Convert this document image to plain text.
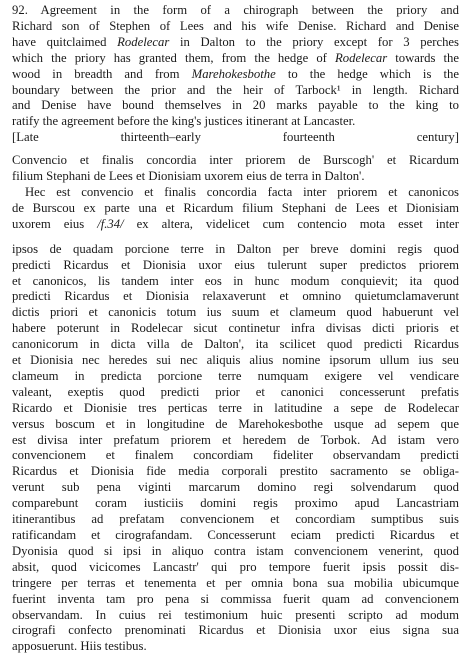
92. Agreement in the form of a chirograph between the priory and

Richard son of Stephen of Lees and his wife Denise. Richard and Denise

have quitclaimed Rodelecar in Dalton to the priory except for 3 perches

which the priory has granted them, from the hedge of Rodelecar towards the

wood in breadth and from Marehokesbothe to the hedge which is the

boundary between the prior and the heir of Tarbock¹ in length. Richard

and Denise have bound themselves in 20 marks payable to the king to

ratify the agreement before the king's justices itinerant at Lancaster.

[Late thirteenth–early fourteenth century]

Convencio et finalis concordia inter priorem de Burscogh' et Ricardum

filium Stephani de Lees et Dionisiam uxorem eius de terra in Dalton'.

Hec est convencio et finalis concordia facta inter priorem et canonicos

de Burscou ex parte una et Ricardum filium Stephani de Lees et Dionisiam

uxorem eius /f.34/ ex altera, videlicet cum contencio mota esset inter

ipsos de quadam porcione terre in Dalton per breve domini regis quod

predicti Ricardus et Dionisia uxor eius tulerunt super predictos priorem

et canonicos, lis tandem inter eos in hunc modum conquievit; ita quod

predicti Ricardus et Dionisia relaxaverunt et omnino quietumclamaverunt

dictis priori et canonicis totum ius suum et clameum quod habuerunt vel

habere poterunt in Rodelecar sicut continetur infra divisas dicti prioris et

canonicorum in dicta villa de Dalton', ita scilicet quod predicti Ricardus

et Dionisia nec heredes sui nec aliquis alius nomine ipsorum ullum ius seu

clameum in predicta porcione terre numquam exigere vel vendicare

valeant, exeptis quod predicti prior et canonici concesserunt prefatis

Ricardo et Dionisie tres perticas terre in latitudine a sepe de Rodelecar

versus boscum et in longitudine de Marehokesbothe usque ad sepem que

est divisa inter prefatum priorem et heredem de Torbok. Ad istam vero

convencionem et finalem concordiam fideliter observandam predicti

Ricardus et Dionisia fide media corporali prestito sacramento se obliga-

verunt sub pena viginti marcarum domino regi solvendarum quod

comparebunt coram iusticiis domini regis proximo apud Lancastriam

itinerantibus ad prefatam convencionem et concordiam sumptibus suis

ratificandam et cirografandam. Concesserunt eciam predicti Ricardus et

Dyonisia quod si ipsi in aliquo contra istam convencionem venerint, quod

absit, quod vicicomes Lancastr' qui pro tempore fuerit ipsis possit dis-

tringere per terras et tenementa et per omnia bona sua mobilia ubicumque

fuerint inventa tam pro pena si commissa fuerit quam ad convencionem

observandam. In cuius rei testimonium huic presenti scripto ad modum

cirografi confecto prenominati Ricardus et Dionisia uxor eius signa sua

apposuerunt. Hiis testibus.
